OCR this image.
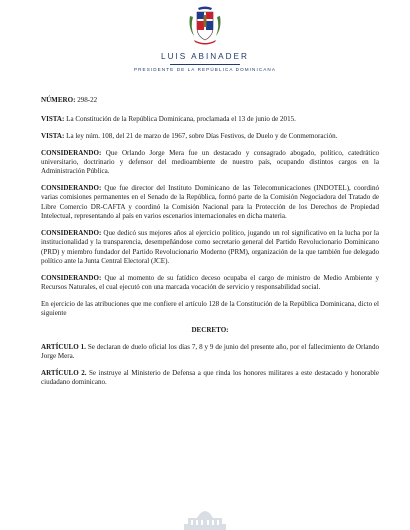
LUIS ABINADER
PRESIDENTE DE LA REPÚBLICA DOMINICANA

NÚMERO: 298-22

VISTA: La Constitución de la República Dominicana, proclamada el 13 de junio de 2015.

VISTA: La ley núm. 108, del 21 de marzo de 1967, sobre Días Festivos, de Duelo y de Conmemoración.

CONSIDERANDO: Que Orlando Jorge Mera fue un destacado y consagrado abogado, político, catedrático universitario, doctrinario y defensor del medioambiente de nuestro país, ocupando distintos cargos en la Administración Pública.

CONSIDERANDO: Que fue director del Instituto Dominicano de las Telecomunicaciones (INDOTEL), coordinó varias comisiones permanentes en el Senado de la República, formó parte de la Comisión Negociadora del Tratado de Libre Comercio DR-CAFTA y coordinó la Comisión Nacional para la Protección de los Derechos de Propiedad Intelectual, representando al país en varios escenarios internacionales en dicha materia.

CONSIDERANDO: Que dedicó sus mejores años al ejercicio político, jugando un rol significativo en la lucha por la institucionalidad y la transparencia, desempeñándose como secretario general del Partido Revolucionario Dominicano (PRD) y miembro fundador del Partido Revolucionario Moderno (PRM), organización de la que también fue delegado político ante la Junta Central Electoral (JCE).

CONSIDERANDO: Que al momento de su fatídico deceso ocupaba el cargo de ministro de Medio Ambiente y Recursos Naturales, el cual ejecutó con una marcada vocación de servicio y responsabilidad social.

En ejercicio de las atribuciones que me confiere el artículo 128 de la Constitución de la República Dominicana, dicto el siguiente

DECRETO:

ARTÍCULO 1. Se declaran de duelo oficial los días 7, 8 y 9 de junio del presente año, por el fallecimiento de Orlando Jorge Mera.

ARTÍCULO 2. Se instruye al Ministerio de Defensa a que rinda los honores militares a este destacado y honorable ciudadano dominicano.
